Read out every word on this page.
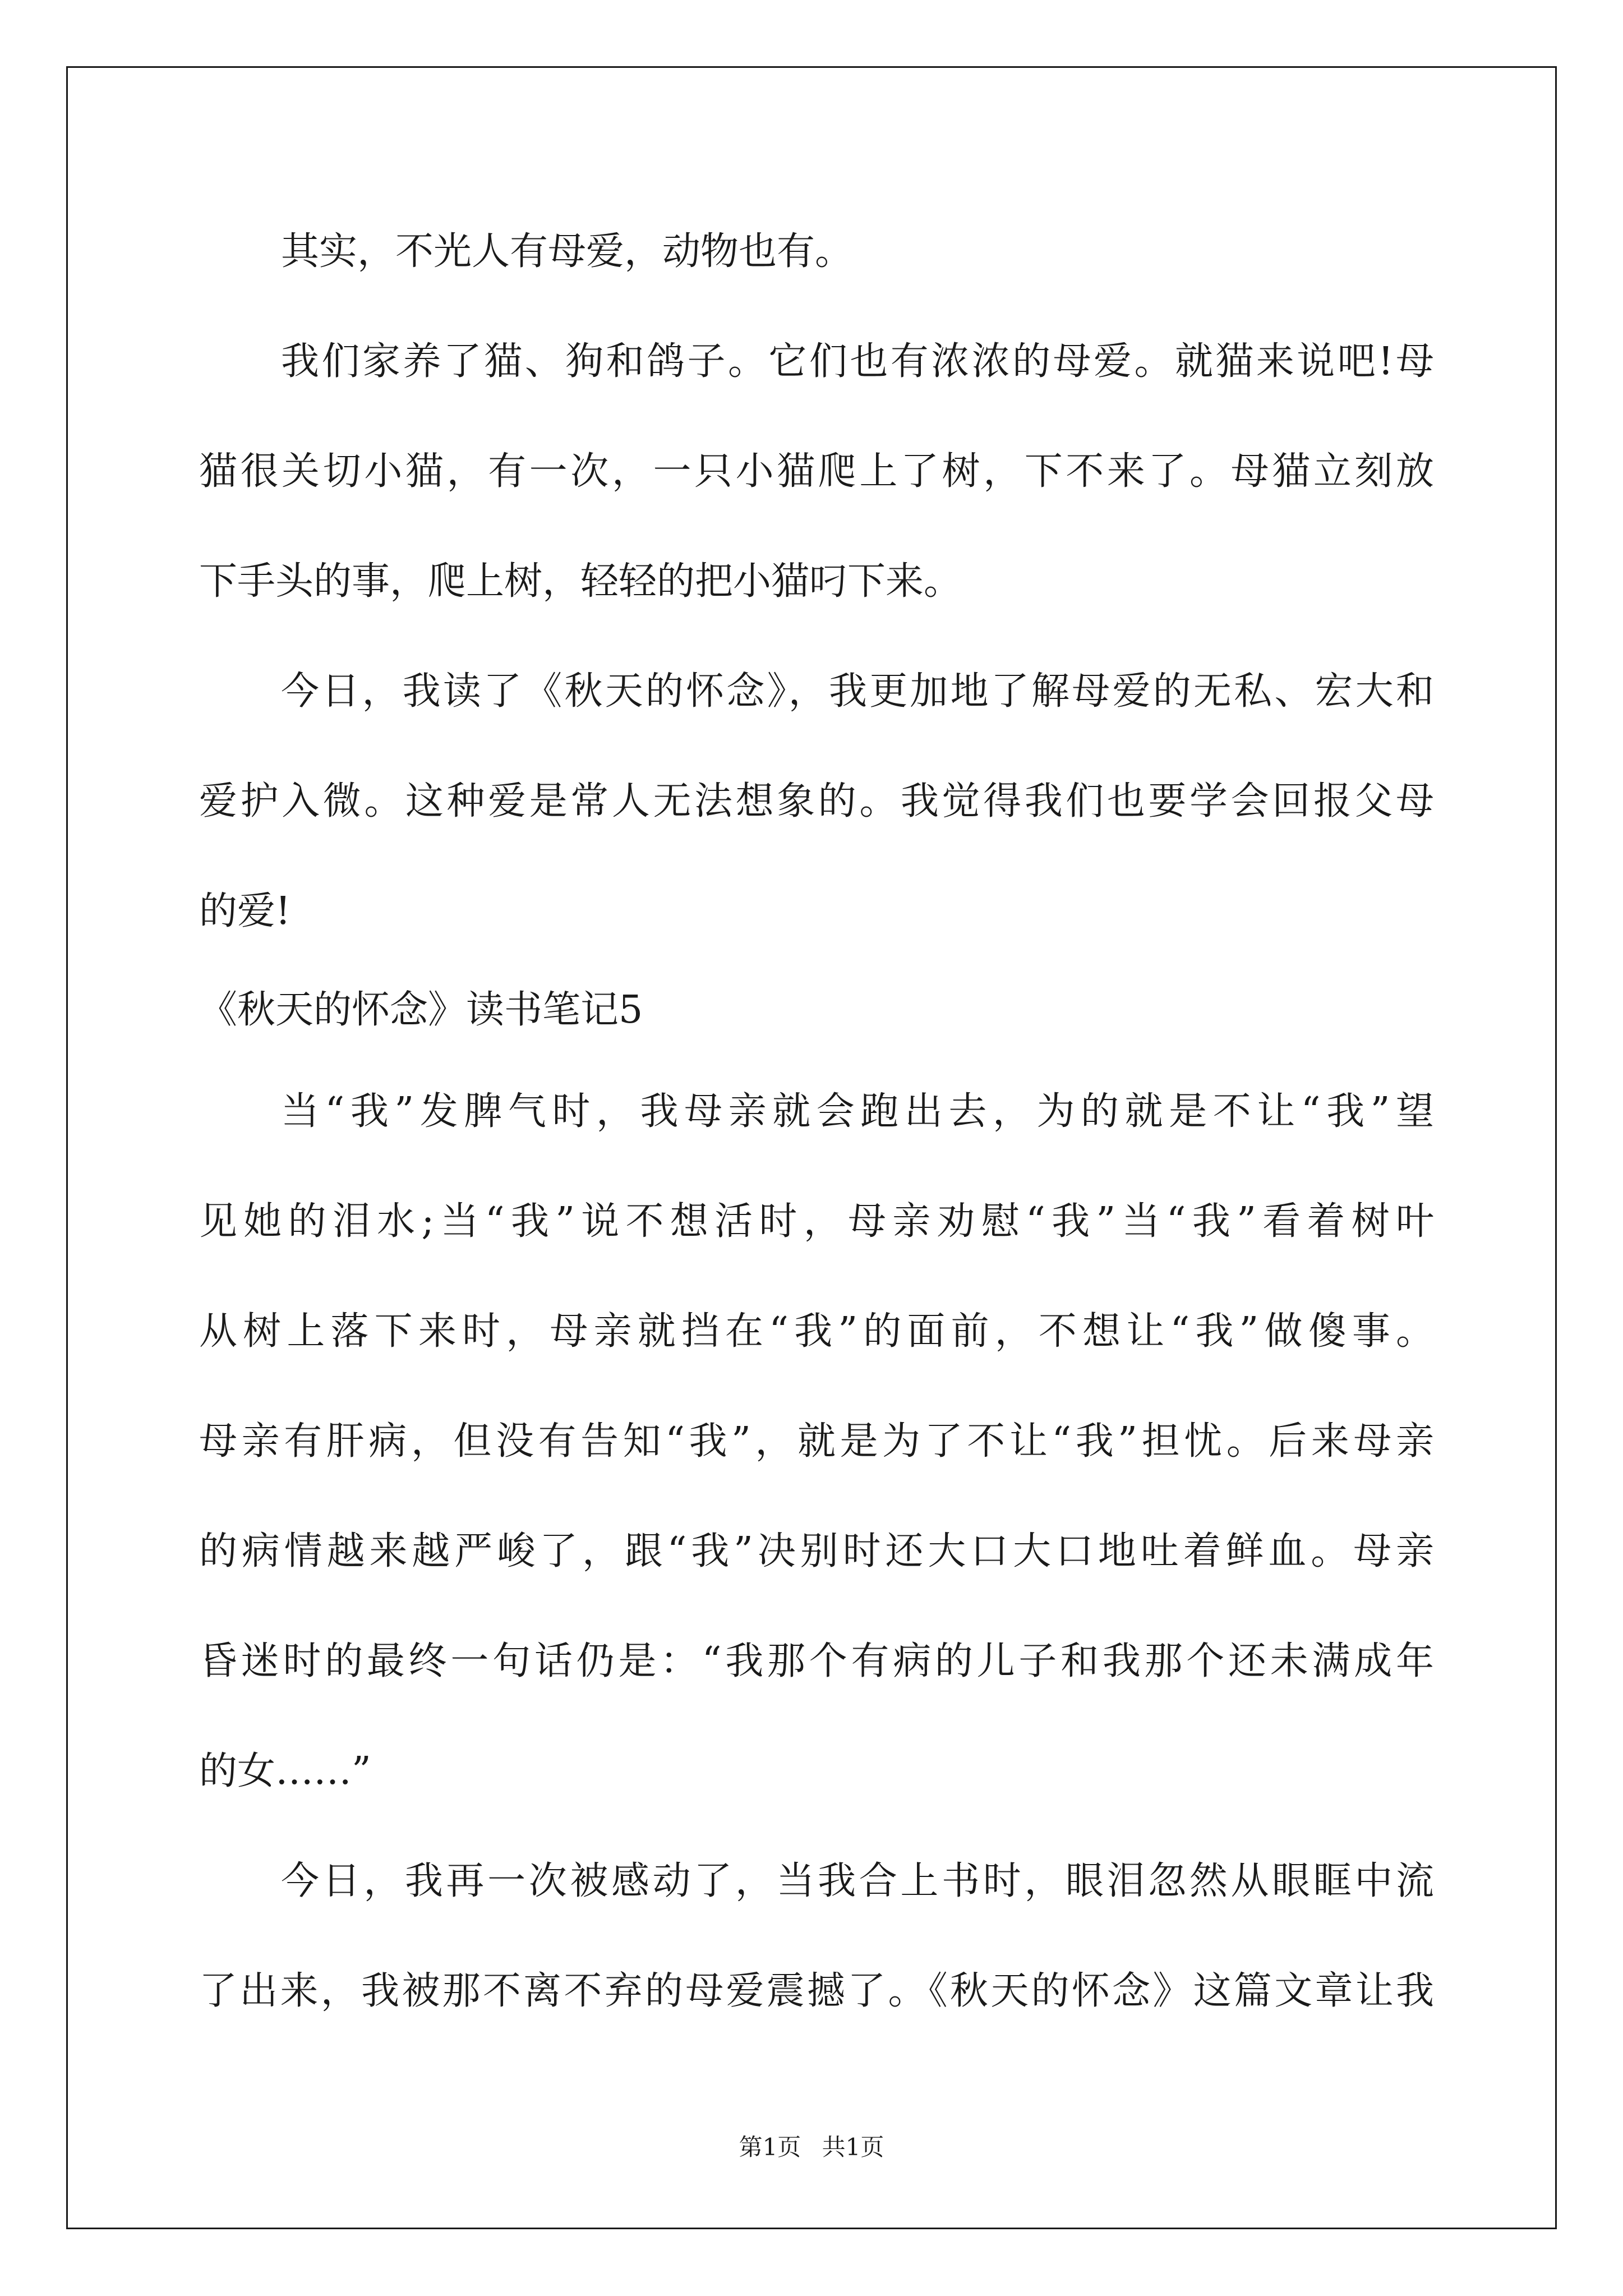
其实，不光人有母爱，动物也有。
我们家养了猫、狗和鸽子。它们也有浓浓的母爱。就猫来说吧!母
猫很关切小猫，有一次，一只小猫爬上了树，下不来了。母猫立刻放
下手头的事，爬上树，轻轻的把小猫叼下来。
今日，我读了《秋天的怀念》，我更加地了解母爱的无私、宏大和
爱护入微。这种爱是常人无法想象的。我觉得我们也要学会回报父母
的爱!
《秋天的怀念》读书笔记5
当“我”发脾气时，我母亲就会跑出去，为的就是不让“我”望
见她的泪水;当“我”说不想活时，母亲劝慰“我”当“我”看着树叶
从树上落下来时，母亲就挡在“我”的面前，不想让“我”做傻事。
母亲有肝病，但没有告知“我”，就是为了不让“我”担忧。后来母亲
的病情越来越严峻了，跟“我”决别时还大口大口地吐着鲜血。母亲
昏迷时的最终一句话仍是：“我那个有病的儿子和我那个还未满成年
的女……”
今日，我再一次被感动了，当我合上书时，眼泪忽然从眼眶中流
了出来，我被那不离不弃的母爱震撼了。《秋天的怀念》这篇文章让我
第1页 共1页
